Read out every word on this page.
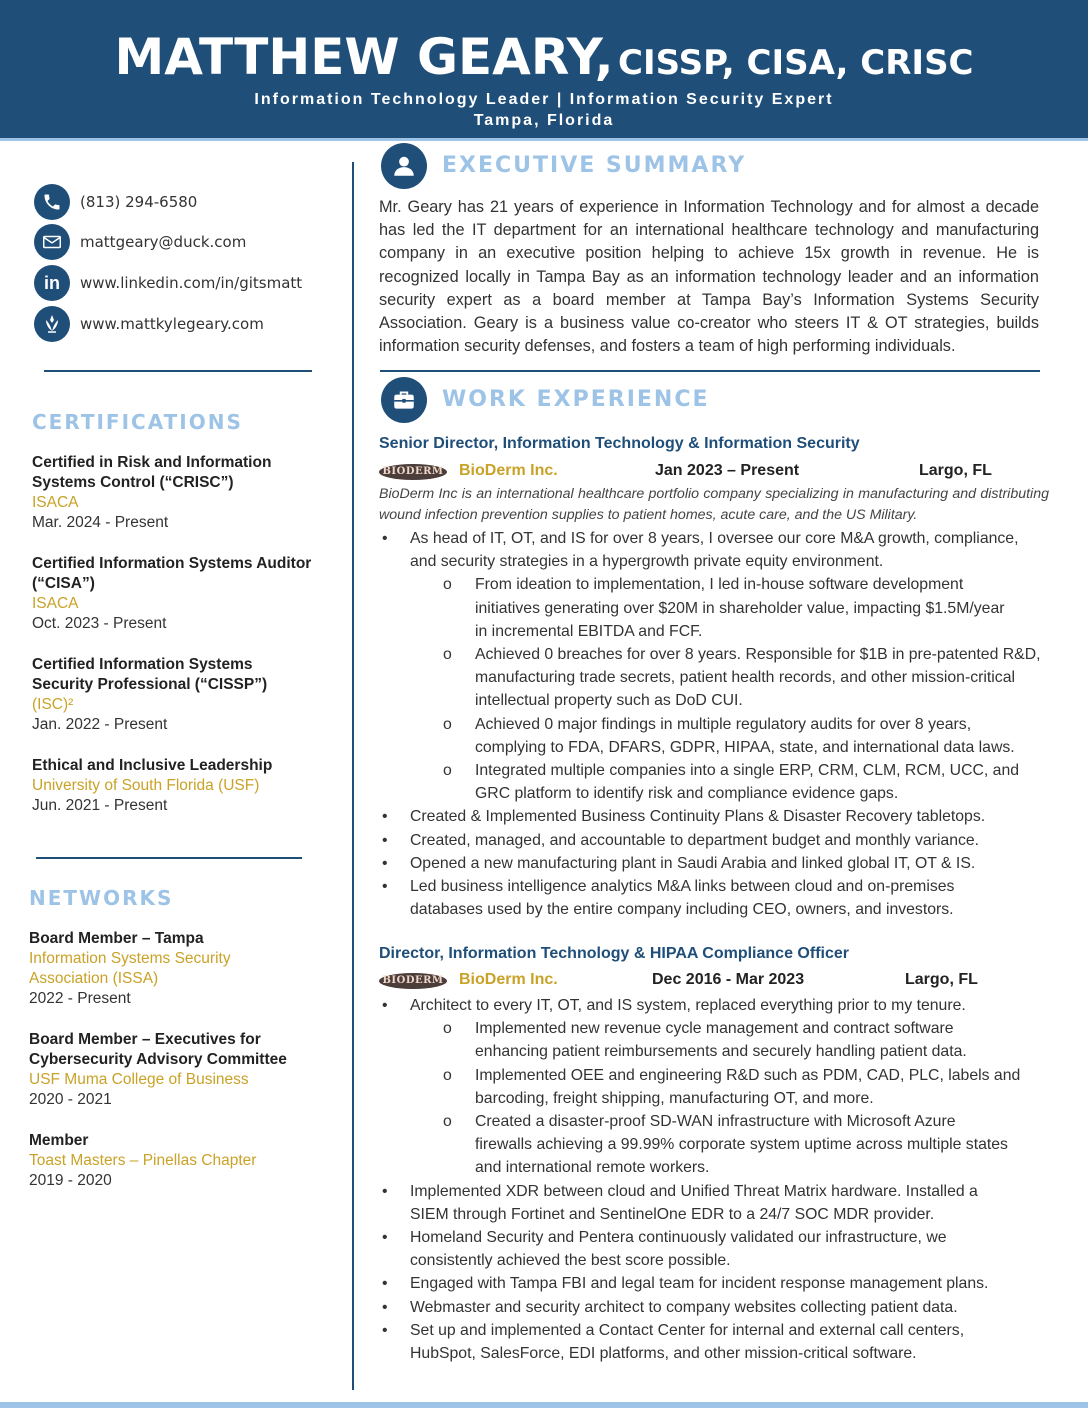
MATTHEW GEARY, CISSP, CISA, CRISC
Information Technology Leader | Information Security Expert
Tampa, Florida
(813) 294-6580
mattgeary@duck.com
in www.linkedin.com/in/gitsmatt
www.mattkylegeary.com
CERTIFICATIONS
Certified in Risk and Information Systems Control (“CRISC”)
ISACA
Mar. 2024 - Present
Certified Information Systems Auditor (“CISA”)
ISACA
Oct. 2023 - Present
Certified Information Systems Security Professional (“CISSP”)
(ISC)²
Jan. 2022 - Present
Ethical and Inclusive Leadership
University of South Florida (USF)
Jun. 2021 - Present
NETWORKS
Board Member – Tampa
Information Systems Security Association (ISSA)
2022 - Present
Board Member – Executives for Cybersecurity Advisory Committee
USF Muma College of Business
2020 - 2021
Member
Toast Masters – Pinellas Chapter
2019 - 2020
EXECUTIVE SUMMARY
Mr. Geary has 21 years of experience in Information Technology and for almost a decade has led the IT department for an international healthcare technology and manufacturing company in an executive position helping to achieve 15x growth in revenue. He is recognized locally in Tampa Bay as an information technology leader and an information security expert as a board member at Tampa Bay’s Information Systems Security Association. Geary is a business value co-creator who steers IT & OT strategies, builds information security defenses, and fosters a team of high performing individuals.
WORK EXPERIENCE
Senior Director, Information Technology & Information Security
BIODERM BioDerm Inc.	Jan 2023 – Present	Largo, FL
BioDerm Inc is an international healthcare portfolio company specializing in manufacturing and distributing wound infection prevention supplies to patient homes, acute care, and the US Military.
• As head of IT, OT, and IS for over 8 years, I oversee our core M&A growth, compliance, and security strategies in a hypergrowth private equity environment.
o From ideation to implementation, I led in-house software development initiatives generating over $20M in shareholder value, impacting $1.5M/year in incremental EBITDA and FCF.
o Achieved 0 breaches for over 8 years. Responsible for $1B in pre-patented R&D, manufacturing trade secrets, patient health records, and other mission-critical intellectual property such as DoD CUI.
o Achieved 0 major findings in multiple regulatory audits for over 8 years, complying to FDA, DFARS, GDPR, HIPAA, state, and international data laws.
o Integrated multiple companies into a single ERP, CRM, CLM, RCM, UCC, and GRC platform to identify risk and compliance evidence gaps.
• Created & Implemented Business Continuity Plans & Disaster Recovery tabletops.
• Created, managed, and accountable to department budget and monthly variance.
• Opened a new manufacturing plant in Saudi Arabia and linked global IT, OT & IS.
• Led business intelligence analytics M&A links between cloud and on-premises databases used by the entire company including CEO, owners, and investors.
Director, Information Technology & HIPAA Compliance Officer
BIODERM BioDerm Inc.	Dec 2016 - Mar 2023	Largo, FL
• Architect to every IT, OT, and IS system, replaced everything prior to my tenure.
o Implemented new revenue cycle management and contract software enhancing patient reimbursements and securely handling patient data.
o Implemented OEE and engineering R&D such as PDM, CAD, PLC, labels and barcoding, freight shipping, manufacturing OT, and more.
o Created a disaster-proof SD-WAN infrastructure with Microsoft Azure firewalls achieving a 99.99% corporate system uptime across multiple states and international remote workers.
• Implemented XDR between cloud and Unified Threat Matrix hardware. Installed a SIEM through Fortinet and SentinelOne EDR to a 24/7 SOC MDR provider.
• Homeland Security and Pentera continuously validated our infrastructure, we consistently achieved the best score possible.
• Engaged with Tampa FBI and legal team for incident response management plans.
• Webmaster and security architect to company websites collecting patient data.
• Set up and implemented a Contact Center for internal and external call centers, HubSpot, SalesForce, EDI platforms, and other mission-critical software.
